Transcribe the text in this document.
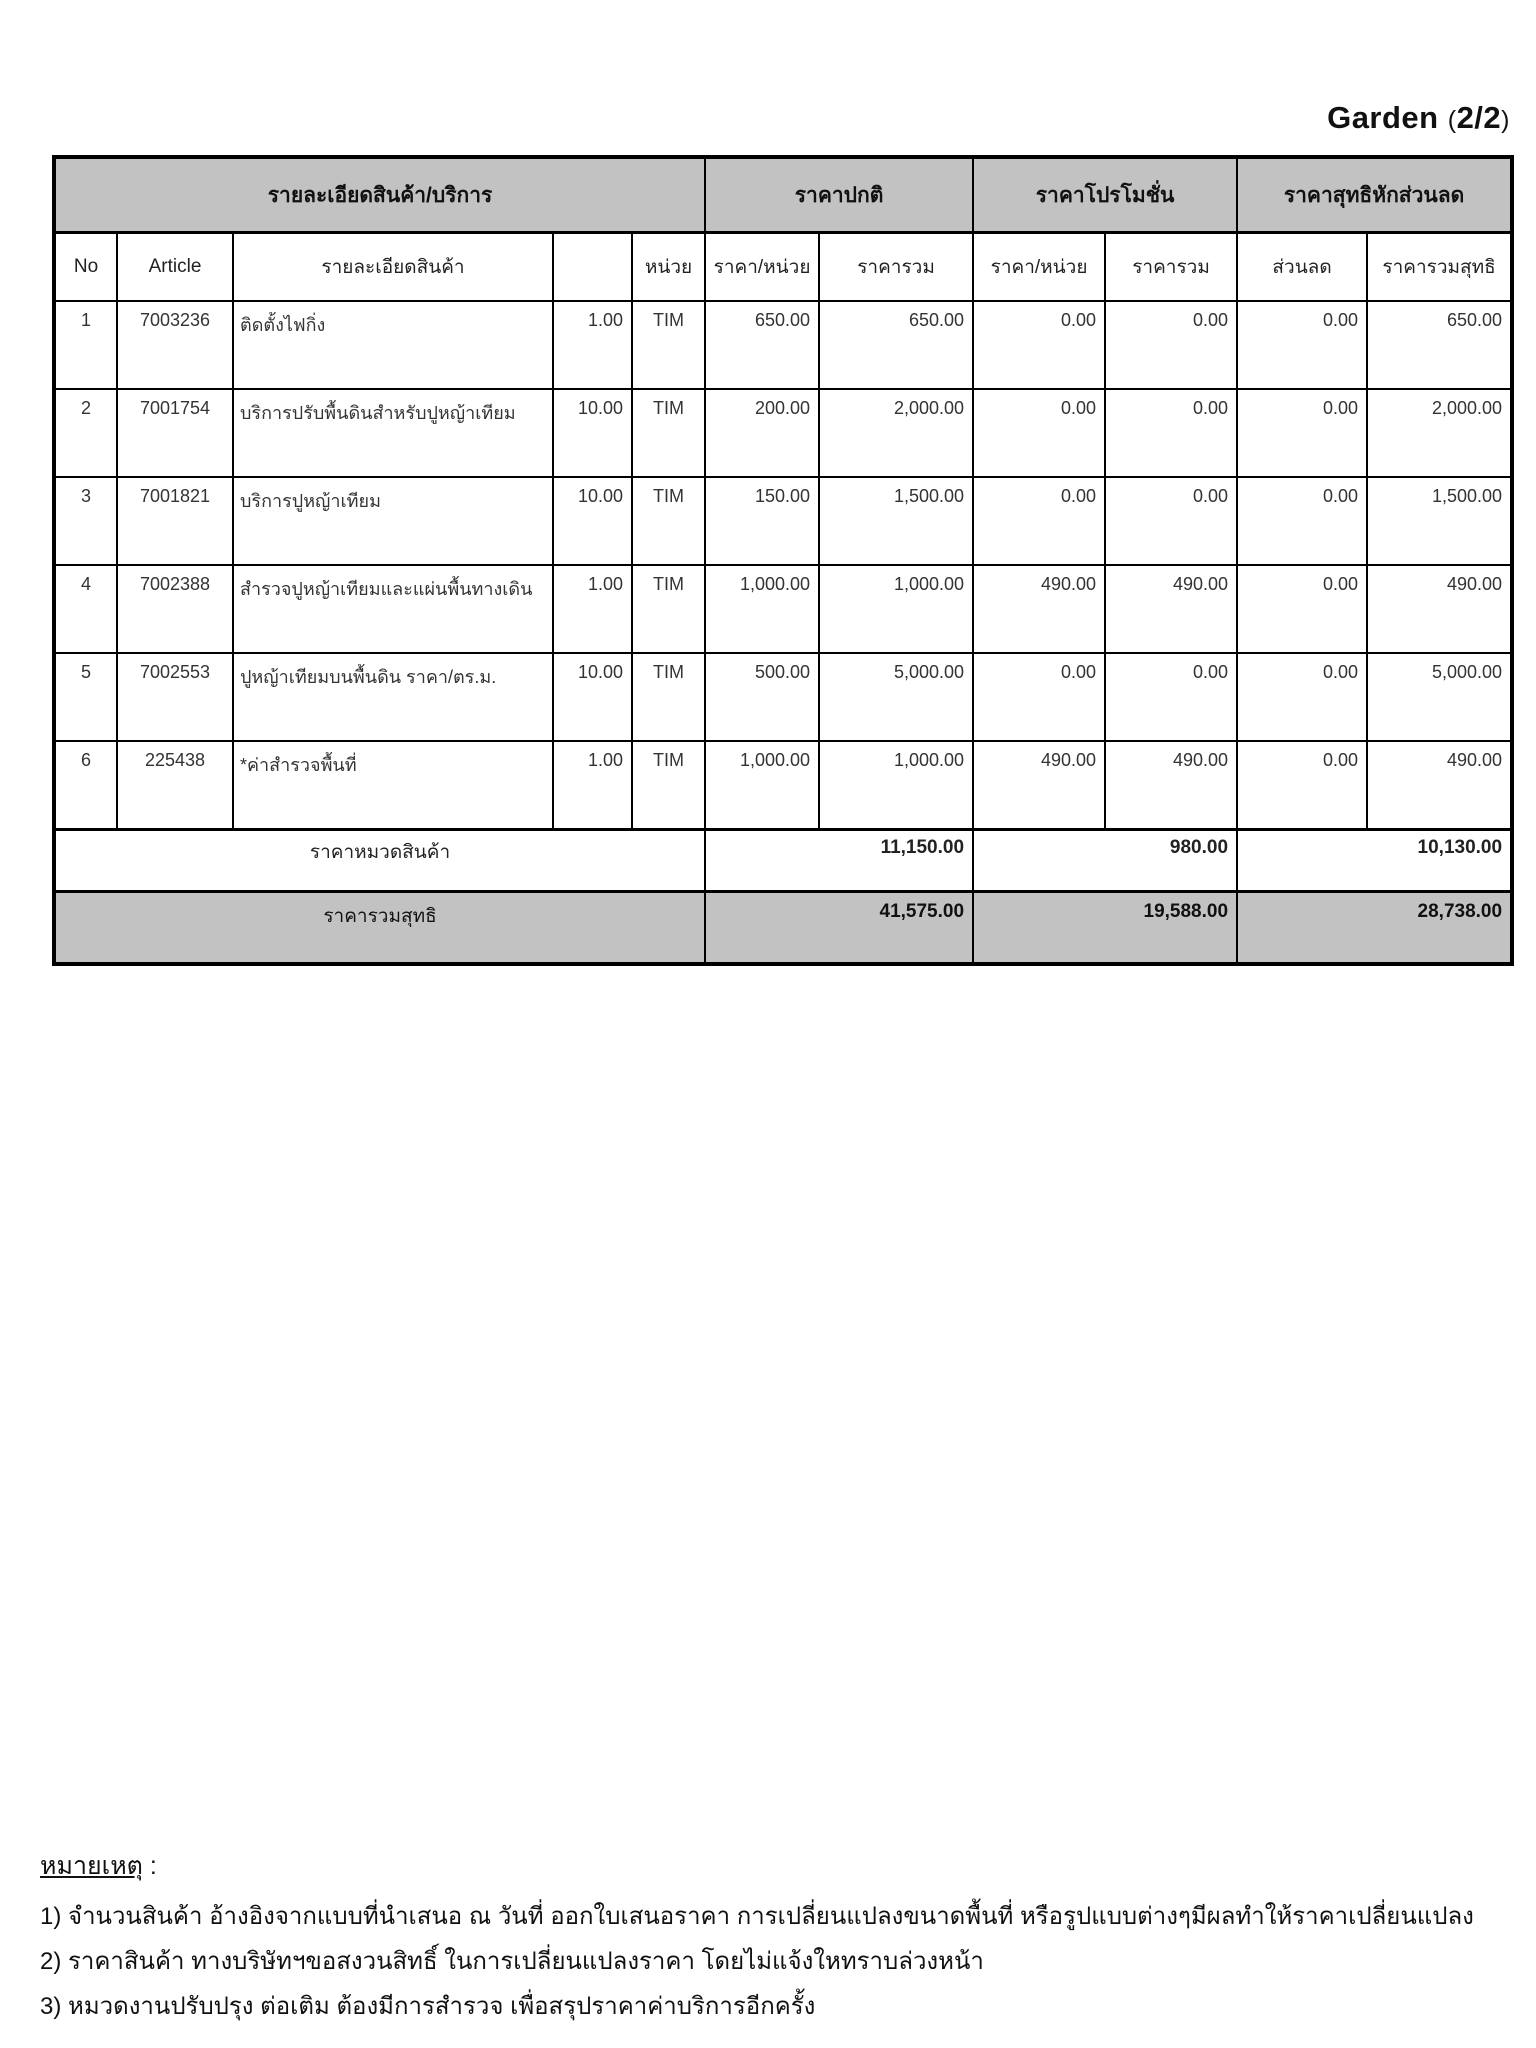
Garden (2/2)
รายละเอียดสินค้า/บริการ					ราคาปกติ		ราคาโปรโมชั่น		ราคาสุทธิหักส่วนลด	
No	Article	รายละเอียดสินค้า		หน่วย	ราคา/หน่วย	ราคารวม	ราคา/หน่วย	ราคารวม	ส่วนลด	ราคารวมสุทธิ
1	7003236	ติดตั้งไฟกิ่ง	1.00	TIM	650.00	650.00	0.00	0.00	0.00	650.00
2	7001754	บริการปรับพื้นดินสำหรับปูหญ้าเทียม	10.00	TIM	200.00	2,000.00	0.00	0.00	0.00	2,000.00
3	7001821	บริการปูหญ้าเทียม	10.00	TIM	150.00	1,500.00	0.00	0.00	0.00	1,500.00
4	7002388	สำรวจปูหญ้าเทียมและแผ่นพื้นทางเดิน	1.00	TIM	1,000.00	1,000.00	490.00	490.00	0.00	490.00
5	7002553	ปูหญ้าเทียมบนพื้นดิน ราคา/ตร.ม.	10.00	TIM	500.00	5,000.00	0.00	0.00	0.00	5,000.00
6	225438	*ค่าสำรวจพื้นที่	1.00	TIM	1,000.00	1,000.00	490.00	490.00	0.00	490.00
ราคาหมวดสินค้า					11,150.00		980.00		10,130.00	
ราคารวมสุทธิ					41,575.00		19,588.00		28,738.00	
หมายเหตุ :
1) จำนวนสินค้า อ้างอิงจากแบบที่นำเสนอ ณ วันที่ ออกใบเสนอราคา การเปลี่ยนแปลงขนาดพื้นที่ หรือรูปแบบต่างๆมีผลทำให้ราคาเปลี่ยนแปลง
2) ราคาสินค้า ทางบริษัทฯขอสงวนสิทธิ์ ในการเปลี่ยนแปลงราคา โดยไม่แจ้งใหทราบล่วงหน้า
3) หมวดงานปรับปรุง ต่อเติม ต้องมีการสำรวจ เพื่อสรุปราคาค่าบริการอีกครั้ง
